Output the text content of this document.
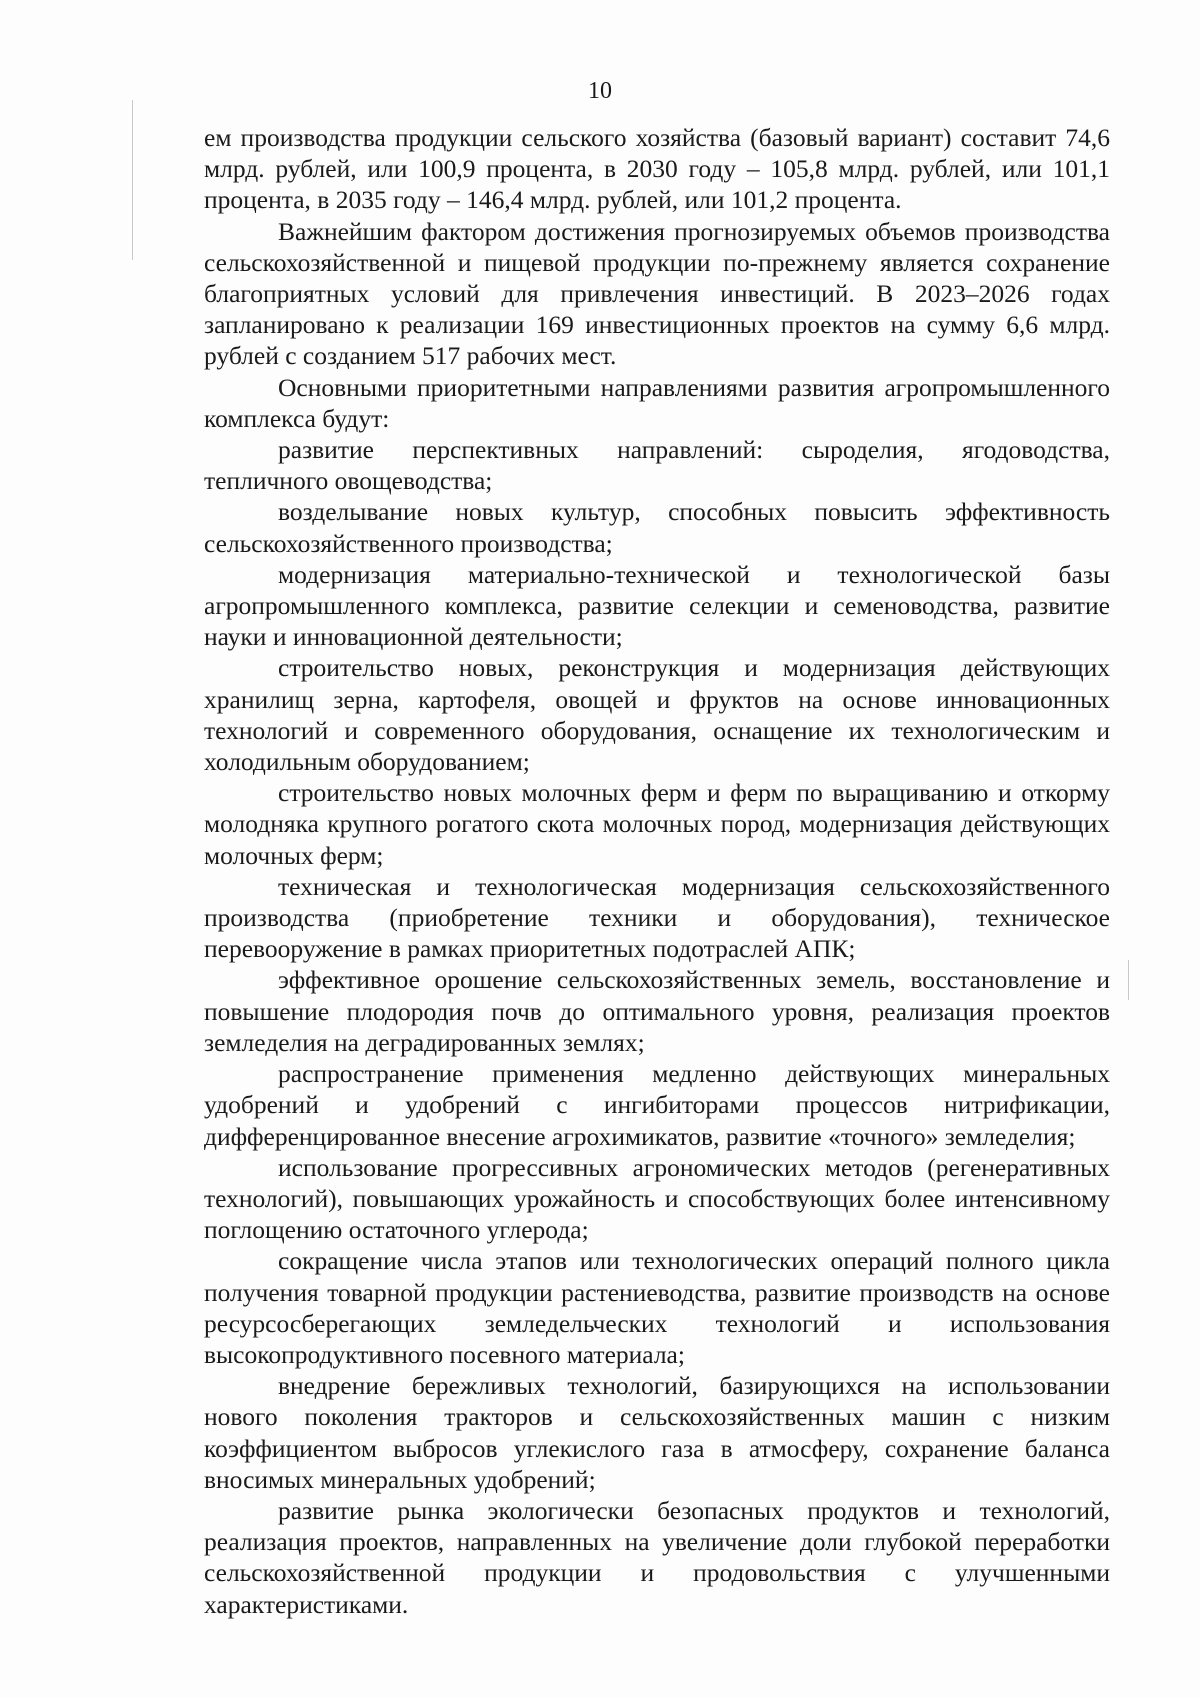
10

ем производства продукции сельского хозяйства (базовый вариант) составит 74,6 млрд. рублей, или 100,9 процента, в 2030 году – 105,8 млрд. рублей, или 101,1 процента, в 2035 году – 146,4 млрд. рублей, или 101,2 процента.

Важнейшим фактором достижения прогнозируемых объемов производства сельскохозяйственной и пищевой продукции по-прежнему является сохранение благоприятных условий для привлечения инвестиций. В 2023–2026 годах запланировано к реализации 169 инвестиционных проектов на сумму 6,6 млрд. рублей с созданием 517 рабочих мест.

Основными приоритетными направлениями развития агропромышленного комплекса будут:

развитие перспективных направлений: сыроделия, ягодоводства, тепличного овощеводства;

возделывание новых культур, способных повысить эффективность сельскохозяйственного производства;

модернизация материально-технической и технологической базы агропромышленного комплекса, развитие селекции и семеноводства, развитие науки и инновационной деятельности;

строительство новых, реконструкция и модернизация действующих хранилищ зерна, картофеля, овощей и фруктов на основе инновационных технологий и современного оборудования, оснащение их технологическим и холодильным оборудованием;

строительство новых молочных ферм и ферм по выращиванию и откорму молодняка крупного рогатого скота молочных пород, модернизация действующих молочных ферм;

техническая и технологическая модернизация сельскохозяйственного производства (приобретение техники и оборудования), техническое перевооружение в рамках приоритетных подотраслей АПК;

эффективное орошение сельскохозяйственных земель, восстановление и повышение плодородия почв до оптимального уровня, реализация проектов земледелия на деградированных землях;

распространение применения медленно действующих минеральных удобрений и удобрений с ингибиторами процессов нитрификации, дифференцированное внесение агрохимикатов, развитие «точного» земледелия;

использование прогрессивных агрономических методов (регенеративных технологий), повышающих урожайность и способствующих более интенсивному поглощению остаточного углерода;

сокращение числа этапов или технологических операций полного цикла получения товарной продукции растениеводства, развитие производств на основе ресурсосберегающих земледельческих технологий и использования высокопродуктивного посевного материала;

внедрение бережливых технологий, базирующихся на использовании нового поколения тракторов и сельскохозяйственных машин с низким коэффициентом выбросов углекислого газа в атмосферу, сохранение баланса вносимых минеральных удобрений;

развитие рынка экологически безопасных продуктов и технологий, реализация проектов, направленных на увеличение доли глубокой переработки сельскохозяйственной продукции и продовольствия с улучшенными характеристиками.
